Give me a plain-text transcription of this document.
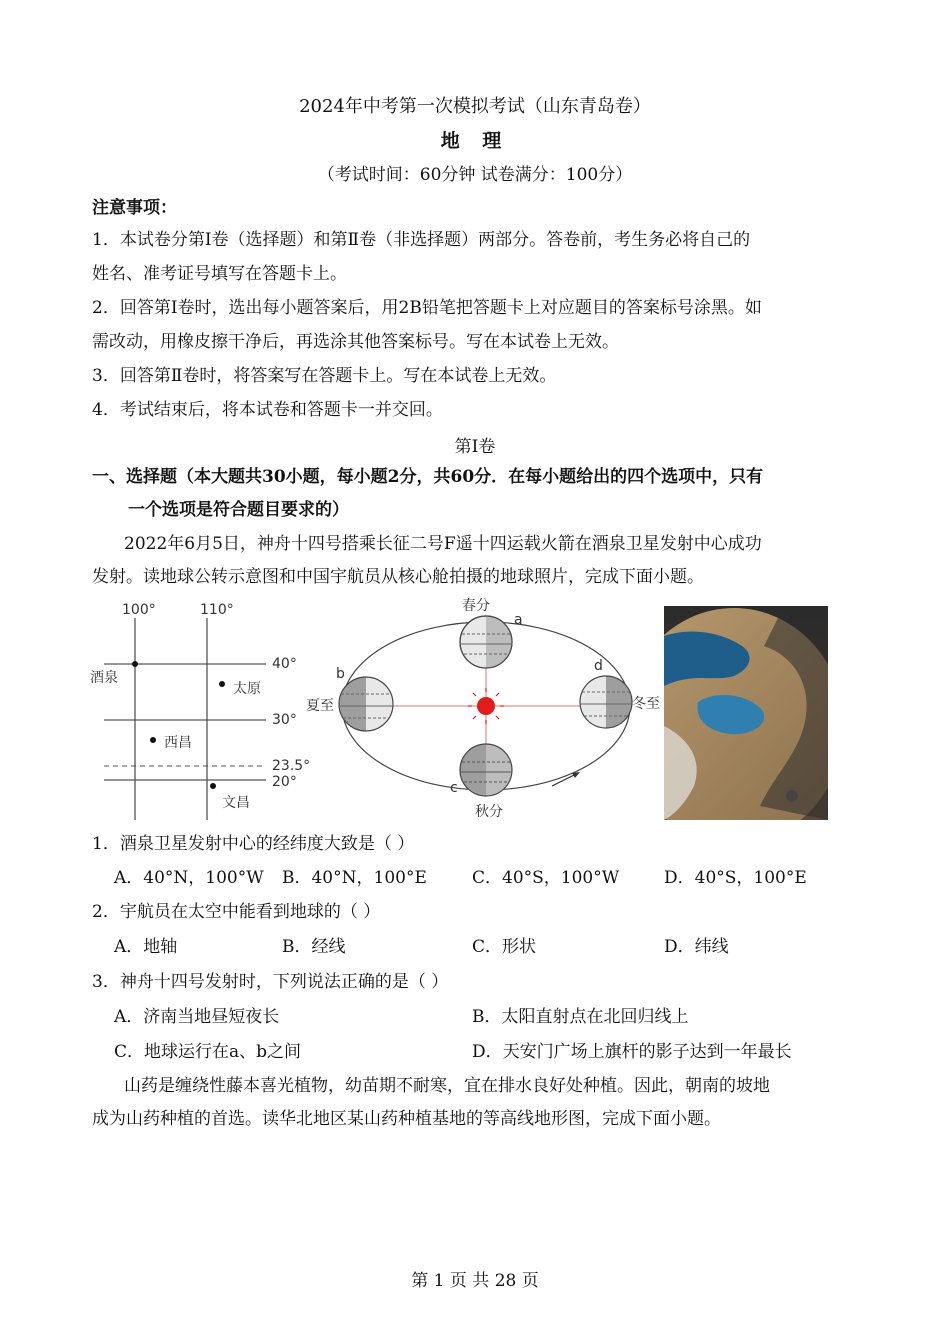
2024年中考第一次模拟考试（山东青岛卷）
地 理
（考试时间：60分钟 试卷满分：100分）
注意事项：
1．本试卷分第Ⅰ卷（选择题）和第Ⅱ卷（非选择题）两部分。答卷前，考生务必将自己的
姓名、准考证号填写在答题卡上。
2．回答第Ⅰ卷时，选出每小题答案后，用2B铅笔把答题卡上对应题目的答案标号涂黑。如
需改动，用橡皮擦干净后，再选涂其他答案标号。写在本试卷上无效。
3．回答第Ⅱ卷时，将答案写在答题卡上。写在本试卷上无效。
4．考试结束后，将本试卷和答题卡一并交回。
第Ⅰ卷
一、选择题（本大题共30小题，每小题2分，共60分．在每小题给出的四个选项中，只有
一个选项是符合题目要求的）
2022年6月5日，神舟十四号搭乘长征二号F遥十四运载火箭在酒泉卫星发射中心成功
发射。读地球公转示意图和中国宇航员从核心舱拍摄的地球照片，完成下面小题。
100°	110°
40°
30°
23.5°
20°
酒泉
太原
西昌
文昌
春分
a
b
夏至
c
秋分
d
冬至
1．酒泉卫星发射中心的经纬度大致是（ ）
A．40°N，100°W B．40°N，100°E	C．40°S，100°W	D．40°S，100°E
2．宇航员在太空中能看到地球的（ ）
A．地轴	B．经线	C．形状	D．纬线
3．神舟十四号发射时，下列说法正确的是（ ）
A．济南当地昼短夜长	B．太阳直射点在北回归线上
C．地球运行在a、b之间	D．天安门广场上旗杆的影子达到一年最长
山药是缠绕性藤本喜光植物，幼苗期不耐寒，宜在排水良好处种植。因此，朝南的坡地
成为山药种植的首选。读华北地区某山药种植基地的等高线地形图，完成下面小题。
第 1 页 共 28 页
